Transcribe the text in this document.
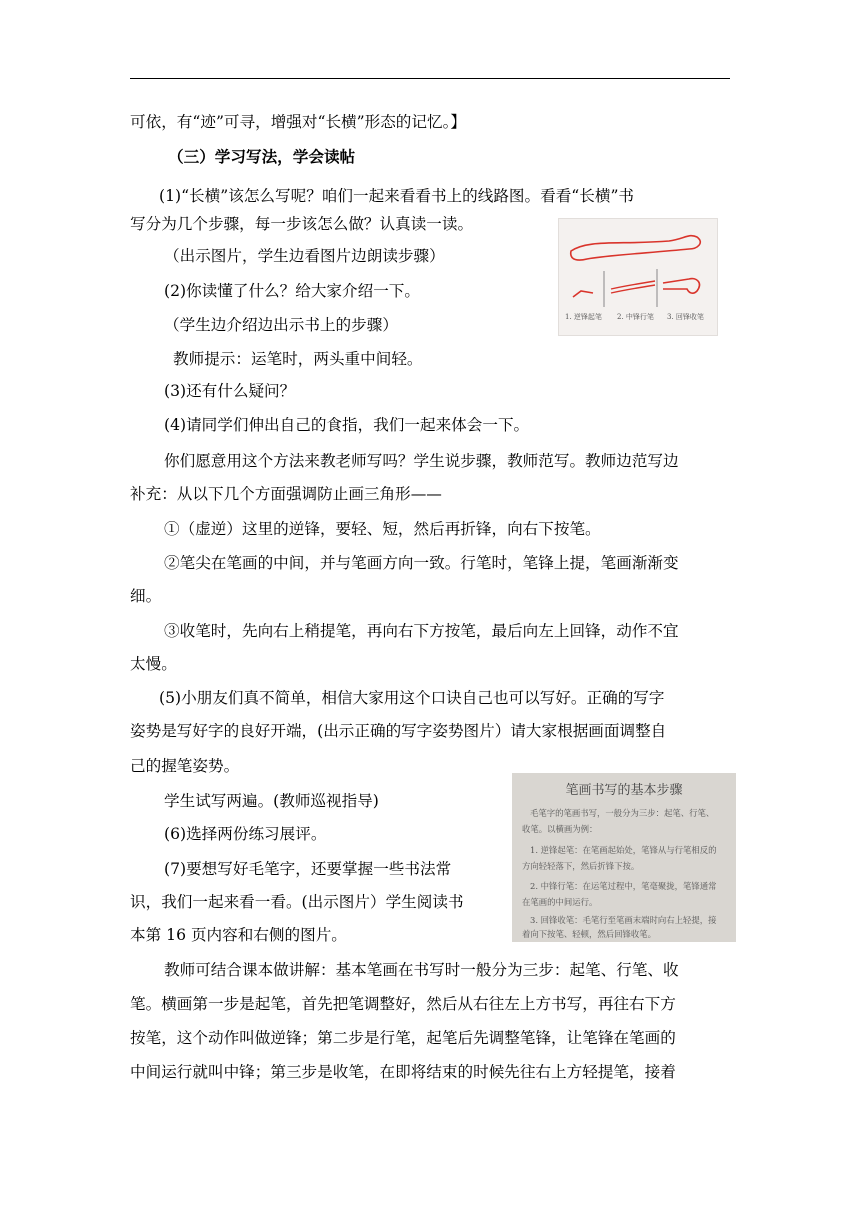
可依，有“迹”可寻，增强对“长横”形态的记忆。】
（三）学习写法，学会读帖
(1)“长横”该怎么写呢？咱们一起来看看书上的线路图。看看“长横”书
写分为几个步骤，每一步该怎么做？认真读一读。
（出示图片，学生边看图片边朗读步骤）
(2)你读懂了什么？给大家介绍一下。
（学生边介绍边出示书上的步骤）
教师提示：运笔时，两头重中间轻。
(3)还有什么疑问？
(4)请同学们伸出自己的食指，我们一起来体会一下。
你们愿意用这个方法来教老师写吗？学生说步骤，教师范写。教师边范写边
补充：从以下几个方面强调防止画三角形——
①（虚逆）这里的逆锋，要轻、短，然后再折锋，向右下按笔。
②笔尖在笔画的中间，并与笔画方向一致。行笔时，笔锋上提，笔画渐渐变
细。
③收笔时，先向右上稍提笔，再向右下方按笔，最后向左上回锋，动作不宜
太慢。
(5)小朋友们真不简单，相信大家用这个口诀自己也可以写好。正确的写字
姿势是写好字的良好开端，(出示正确的写字姿势图片）请大家根据画面调整自
己的握笔姿势。
学生试写两遍。(教师巡视指导)
(6)选择两份练习展评。
(7)要想写好毛笔字，还要掌握一些书法常
识，我们一起来看一看。(出示图片）学生阅读书
本第 16 页内容和右侧的图片。
教师可结合课本做讲解：基本笔画在书写时一般分为三步：起笔、行笔、收
笔。横画第一步是起笔，首先把笔调整好，然后从右往左上方书写，再往右下方
按笔，这个动作叫做逆锋；第二步是行笔，起笔后先调整笔锋，让笔锋在笔画的
中间运行就叫中锋；第三步是收笔，在即将结束的时候先往右上方轻提笔，接着
1. 逆锋起笔 2. 中锋行笔 3. 回锋收笔
笔画书写的基本步骤
毛笔字的笔画书写，一般分为三步：起笔、行笔、
收笔。以横画为例：
1. 逆锋起笔：在笔画起始处，笔锋从与行笔相反的
方向轻轻落下，然后折锋下按。
2. 中锋行笔：在运笔过程中，笔毫聚拢，笔锋通常
在笔画的中间运行。
3. 回锋收笔：毛笔行至笔画末端时向右上轻提，接
着向下按笔、轻顿，然后回锋收笔。
